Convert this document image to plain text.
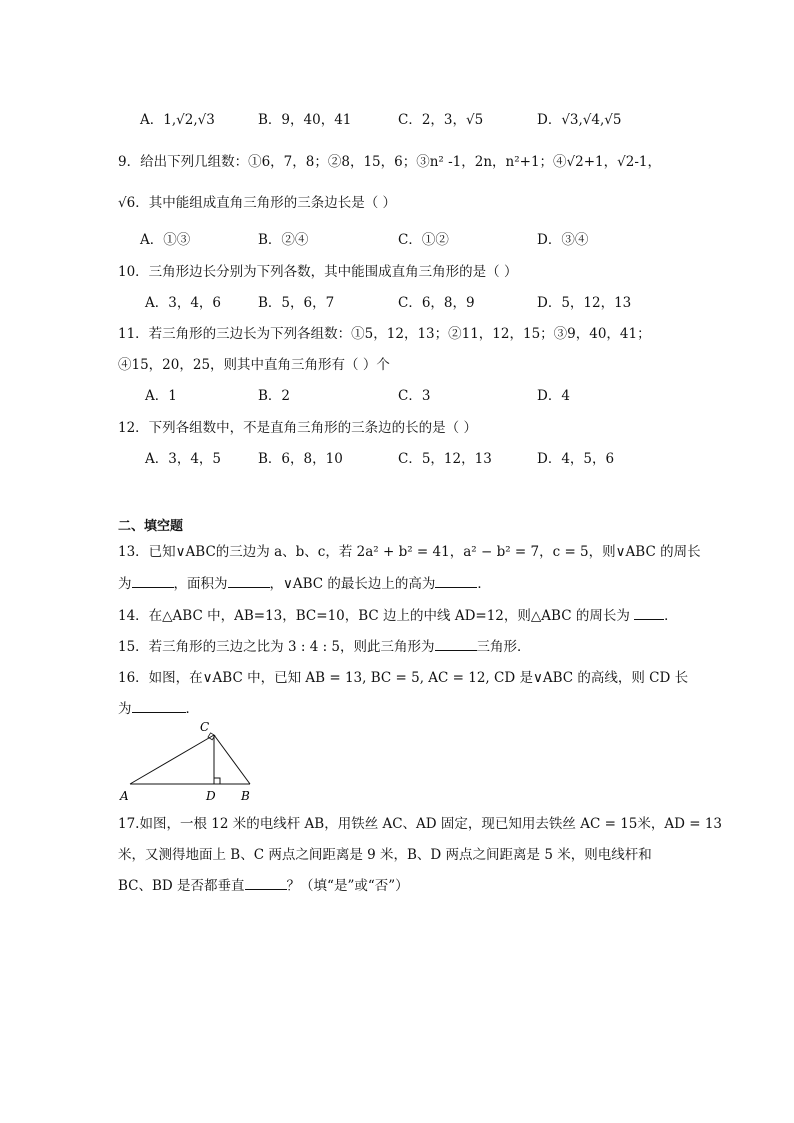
A．1,√2,√3	B．9，40，41	C．2，3，√5	D．√3,√4,√5
9．给出下列几组数：①6，7，8；②8，15，6；③n² -1，2n，n²+1；④√2+1，√2-1，
√6．其中能组成直角三角形的三条边长是（ ）
A．①③	B．②④	C．①②	D．③④
10．三角形边长分别为下列各数，其中能围成直角三角形的是（ ）
A．3，4，6	B．5，6，7	C．6，8，9	D．5，12，13
11．若三角形的三边长为下列各组数：①5，12，13；②11，12，15；③9，40，41；
④15，20，25，则其中直角三角形有（ ）个
A．1	B．2	C．3	D．4
12．下列各组数中，不是直角三角形的三条边的长的是（ ）
A．3，4，5	B．6，8，10	C．5，12，13	D．4，5，6
二、填空题
13．已知∨ABC的三边为 a、b、c，若 2a² + b² = 41，a² − b² = 7，c = 5，则∨ABC 的周长
为	，面积为	，∨ABC 的最长边上的高为	．
14．在△ABC 中，AB=13，BC=10，BC 边上的中线 AD=12，则△ABC 的周长为	．
15．若三角形的三边之比为 3 : 4 : 5，则此三角形为	三角形．
16．如图，在∨ABC 中，已知 AB = 13, BC = 5, AC = 12, CD 是∨ABC 的高线，则 CD 长
为	．
A	D B
C
17.如图，一根 12 米的电线杆 AB，用铁丝 AC、AD 固定，现已知用去铁丝 AC = 15米，AD = 13
米，又测得地面上 B、C 两点之间距离是 9 米，B、D 两点之间距离是 5 米，则电线杆和
BC、BD 是否都垂直	？（填“是”或“否”）
